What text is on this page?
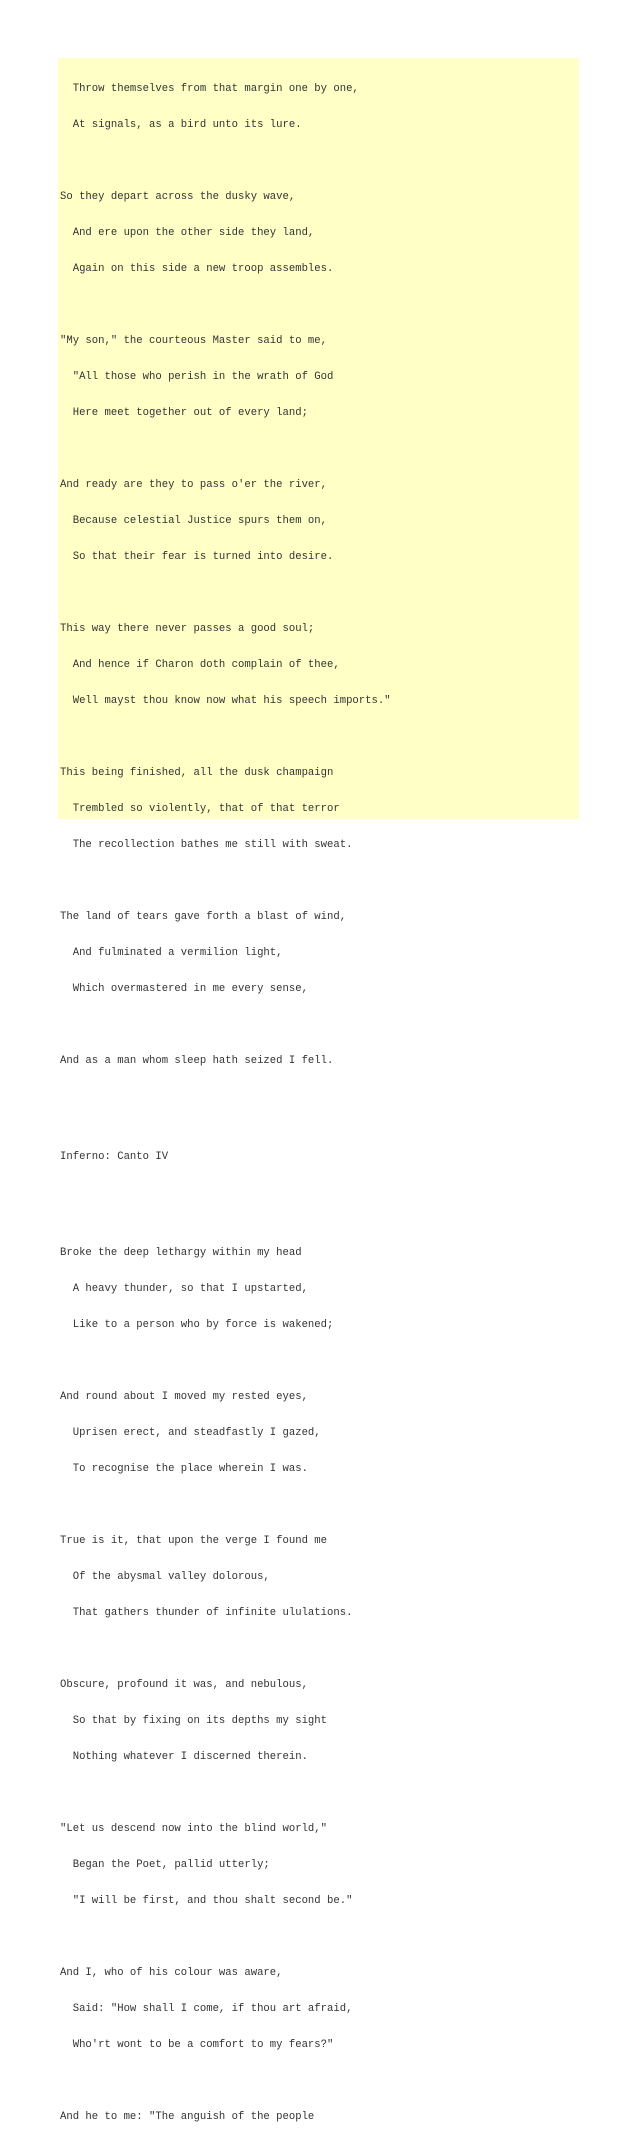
Throw themselves from that margin one by one,

At signals, as a bird unto its lure.

So they depart across the dusky wave,

And ere upon the other side they land,

Again on this side a new troop assembles.

"My son," the courteous Master said to me,

"All those who perish in the wrath of God

Here meet together out of every land;

And ready are they to pass o'er the river,

Because celestial Justice spurs them on,

So that their fear is turned into desire.

This way there never passes a good soul;

And hence if Charon doth complain of thee,

Well mayst thou know now what his speech imports."

This being finished, all the dusk champaign

Trembled so violently, that of that terror

The recollection bathes me still with sweat.

The land of tears gave forth a blast of wind,

And fulminated a vermilion light,

Which overmastered in me every sense,

And as a man whom sleep hath seized I fell.

Inferno: Canto IV

Broke the deep lethargy within my head

A heavy thunder, so that I upstarted,

Like to a person who by force is wakened;

And round about I moved my rested eyes,

Uprisen erect, and steadfastly I gazed,

To recognise the place wherein I was.

True is it, that upon the verge I found me

Of the abysmal valley dolorous,

That gathers thunder of infinite ululations.

Obscure, profound it was, and nebulous,

So that by fixing on its depths my sight

Nothing whatever I discerned therein.

"Let us descend now into the blind world,"

Began the Poet, pallid utterly;

"I will be first, and thou shalt second be."

And I, who of his colour was aware,

Said: "How shall I come, if thou art afraid,

Who'rt wont to be a comfort to my fears?"

And he to me: "The anguish of the people
